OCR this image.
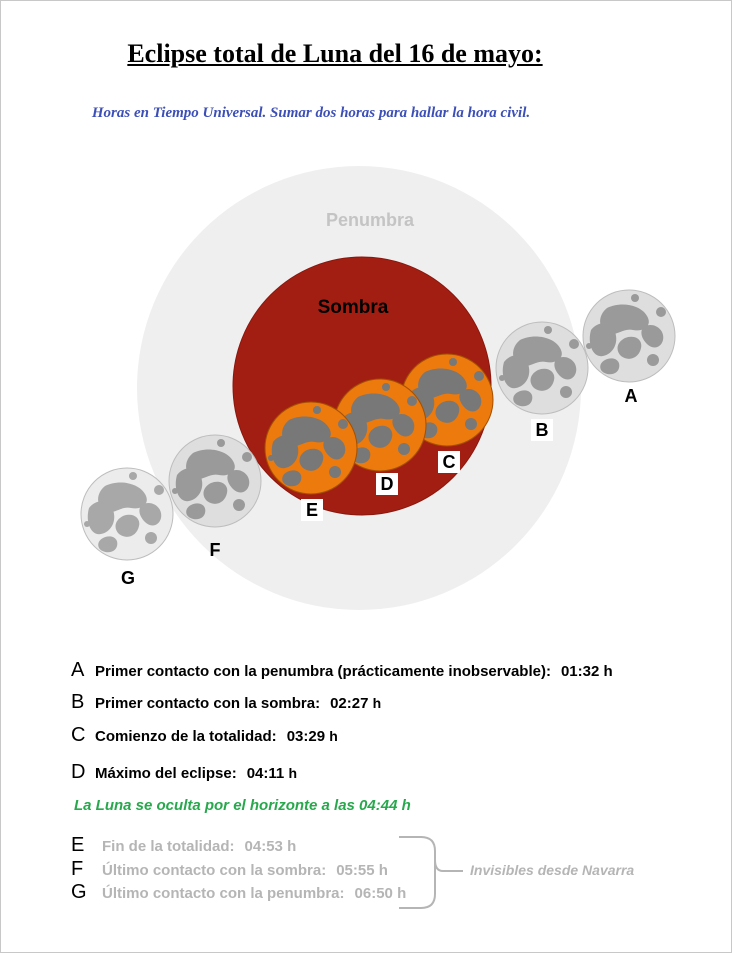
Eclipse total de Luna del 16 de mayo:
Horas en Tiempo Universal. Sumar dos horas para hallar la hora civil.
Penumbra
Sombra
A
B
C
D
E
F
G
A Primer contacto con la penumbra (prácticamente inobservable): 01:32 h
B Primer contacto con la sombra: 02:27 h
C Comienzo de la totalidad: 03:29 h
D Máximo del eclipse: 04:11 h
La Luna se oculta por el horizonte a las 04:44 h
E Fin de la totalidad: 04:53 h
F Último contacto con la sombra: 05:55 h
G Último contacto con la penumbra: 06:50 h
Invisibles desde Navarra
